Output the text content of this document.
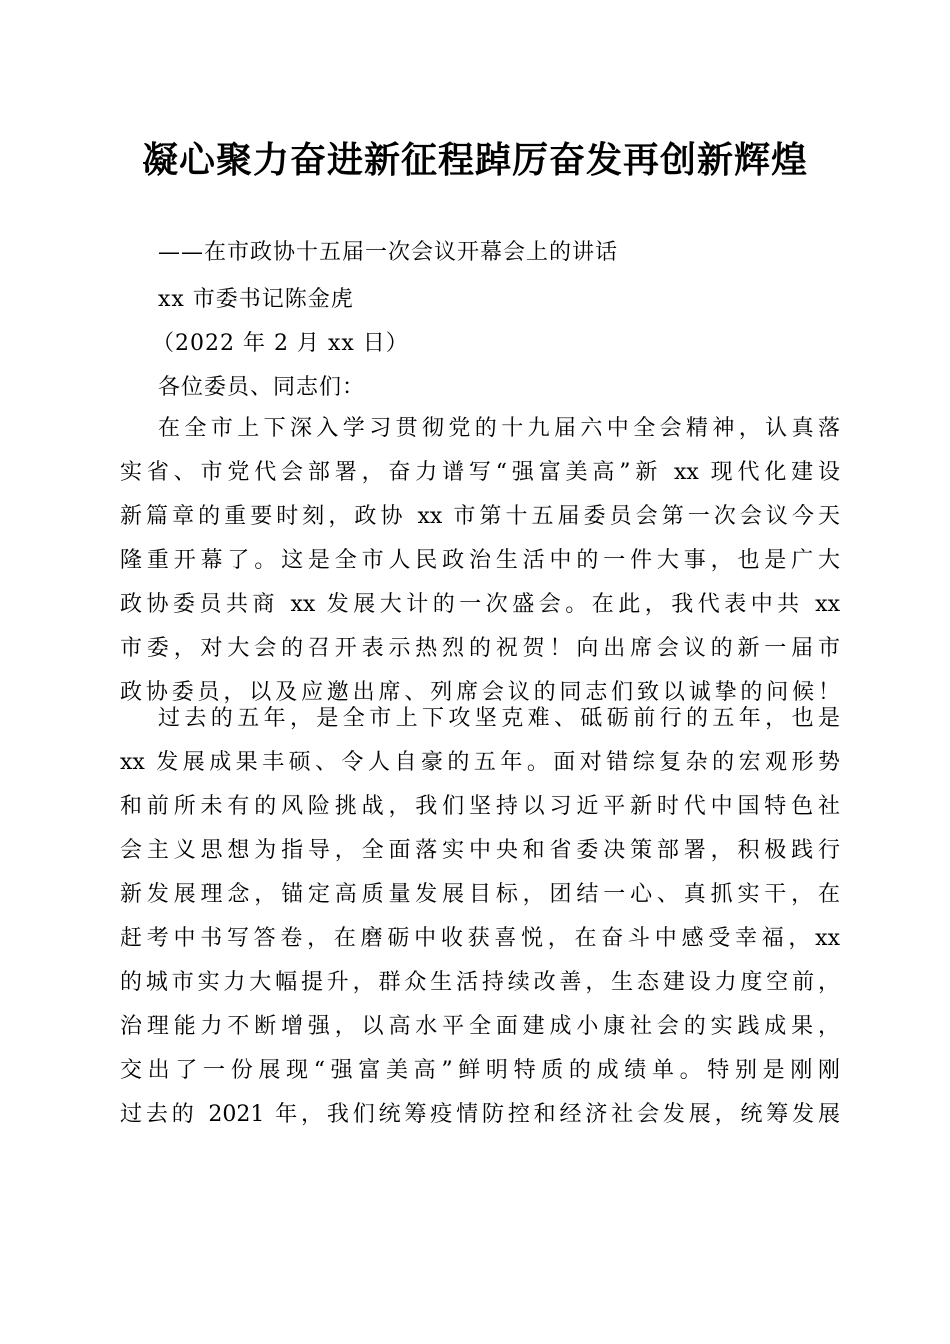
凝心聚力奋进新征程踔厉奋发再创新辉煌
——在市政协十五届一次会议开幕会上的讲话
xx 市委书记陈金虎
（2022 年 2 月 xx 日）
各位委员、同志们：
在全市上下深入学习贯彻党的十九届六中全会精神，认真落
实省、市党代会部署，奋力谱写“强富美高”新 xx 现代化建设
新篇章的重要时刻，政协 xx 市第十五届委员会第一次会议今天
隆重开幕了。这是全市人民政治生活中的一件大事，也是广大
政协委员共商 xx 发展大计的一次盛会。在此，我代表中共 xx
市委，对大会的召开表示热烈的祝贺！向出席会议的新一届市
政协委员，以及应邀出席、列席会议的同志们致以诚挚的问候！
过去的五年，是全市上下攻坚克难、砥砺前行的五年，也是
xx 发展成果丰硕、令人自豪的五年。面对错综复杂的宏观形势
和前所未有的风险挑战，我们坚持以习近平新时代中国特色社
会主义思想为指导，全面落实中央和省委决策部署，积极践行
新发展理念，锚定高质量发展目标，团结一心、真抓实干，在
赶考中书写答卷，在磨砺中收获喜悦，在奋斗中感受幸福，xx
的城市实力大幅提升，群众生活持续改善，生态建设力度空前，
治理能力不断增强，以高水平全面建成小康社会的实践成果，
交出了一份展现“强富美高”鲜明特质的成绩单。特别是刚刚
过去的 2021 年，我们统筹疫情防控和经济社会发展，统筹发展
